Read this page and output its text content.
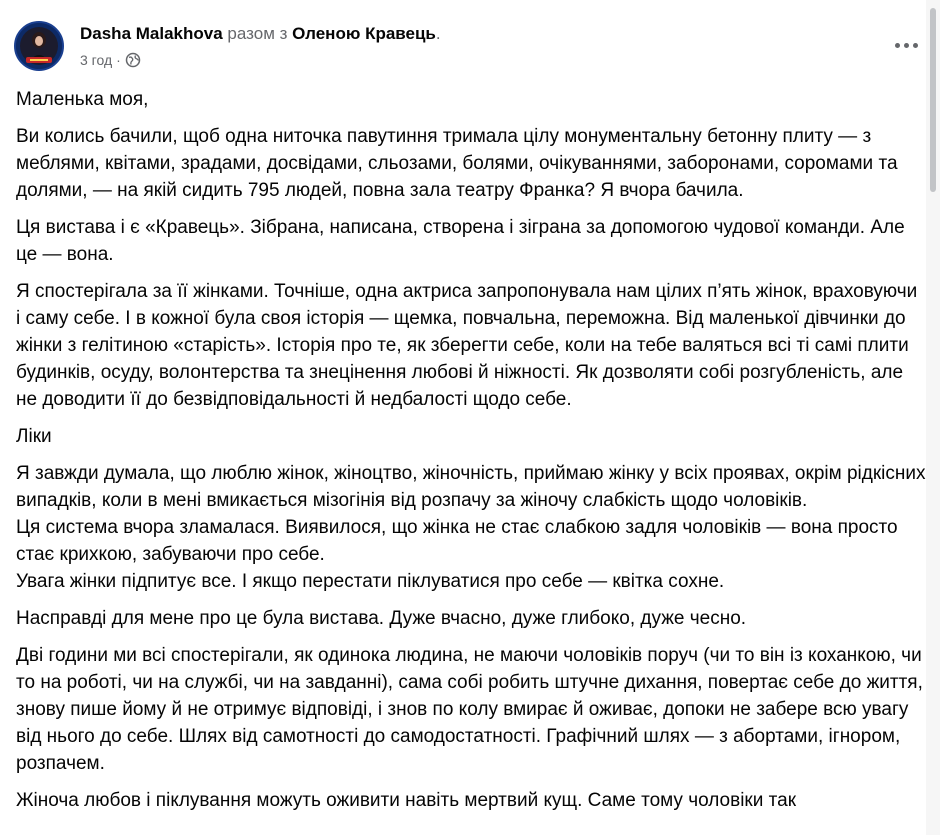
Dasha Malakhova разом з Оленою Кравець.
3 год ·

Маленька моя,

Ви колись бачили, щоб одна ниточка павутиння тримала цілу монументальну бетонну плиту — з меблями, квітами, зрадами, досвідами, сльозами, болями, очікуваннями, заборонами, соромами та долями, — на якій сидить 795 людей, повна зала театру Франка? Я вчора бачила.

Ця вистава і є «Кравець». Зібрана, написана, створена і зіграна за допомогою чудової команди. Але це — вона.

Я спостерігала за її жінками. Точніше, одна актриса запропонувала нам цілих п’ять жінок, враховуючи і саму себе. І в кожної була своя історія — щемка, повчальна, переможна. Від маленької дівчинки до жінки з гелітиною «старість». Історія про те, як зберегти себе, коли на тебе валяться всі ті самі плити будинків, осуду, волонтерства та знецінення любові й ніжності. Як дозволяти собі розгубленість, але не доводити її до безвідповідальності й недбалості щодо себе.

Ліки

Я завжди думала, що люблю жінок, жіноцтво, жіночність, приймаю жінку у всіх проявах, окрім рідкісних випадків, коли в мені вмикається мізогінія від розпачу за жіночу слабкість щодо чоловіків.
Ця система вчора зламалася. Виявилося, що жінка не стає слабкою задля чоловіків — вона просто стає крихкою, забуваючи про себе.
Увага жінки підпитує все. І якщо перестати піклуватися про себе — квітка сохне.

Насправді для мене про це була вистава. Дуже вчасно, дуже глибоко, дуже чесно.

Дві години ми всі спостерігали, як одинока людина, не маючи чоловіків поруч (чи то він із коханкою, чи то на роботі, чи на службі, чи на завданні), сама собі робить штучне дихання, повертає себе до життя, знову пише йому й не отримує відповіді, і знов по колу вмирає й оживає, допоки не забере всю увагу від нього до себе. Шлях від самотності до самодостатності. Графічний шлях — з абортами, ігнором, розпачем.

Жіноча любов і піклування можуть оживити навіть мертвий кущ. Саме тому чоловіки так
